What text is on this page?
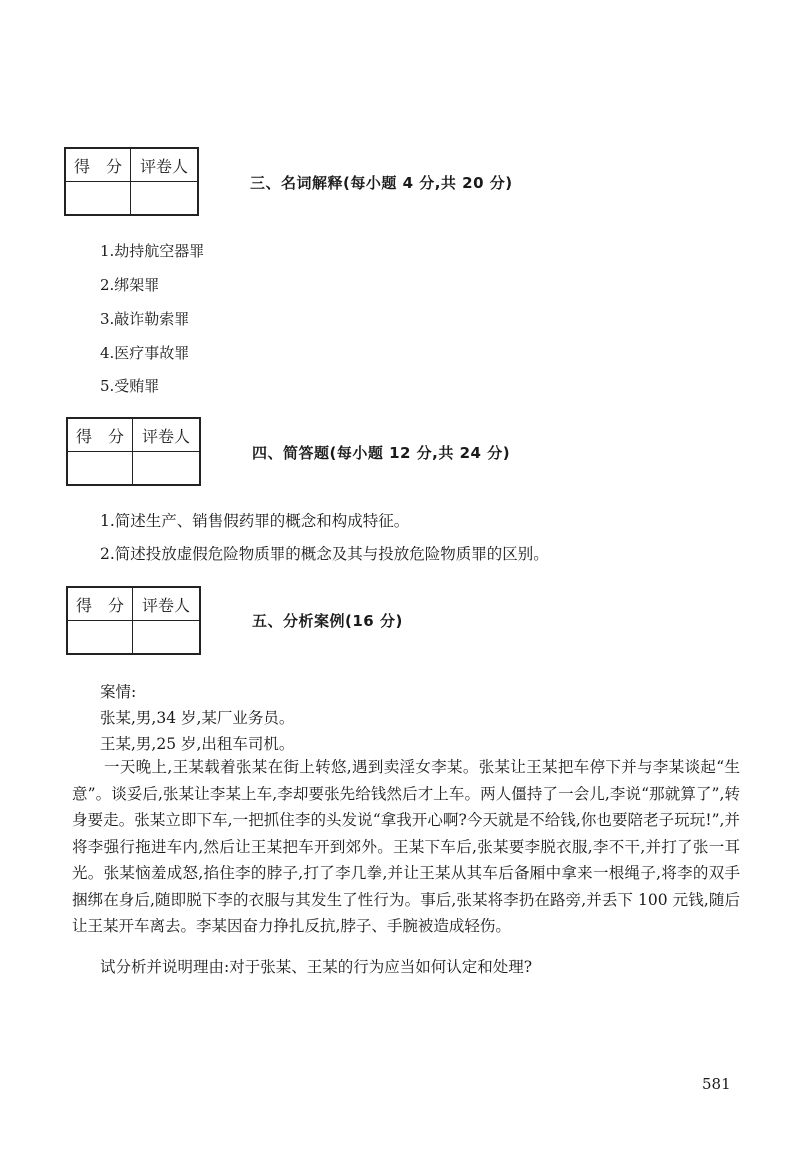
得　分	评卷人

三、名词解释(每小题 4 分,共 20 分)
1.劫持航空器罪
2.绑架罪
3.敲诈勒索罪
4.医疗事故罪
5.受贿罪
得　分	评卷人

四、简答题(每小题 12 分,共 24 分)
1.简述生产、销售假药罪的概念和构成特征。
2.简述投放虚假危险物质罪的概念及其与投放危险物质罪的区别。
得　分	评卷人

五、分析案例(16 分)
案情:
张某,男,34 岁,某厂业务员。
王某,男,25 岁,出租车司机。
一天晚上,王某载着张某在街上转悠,遇到卖淫女李某。张某让王某把车停下并与李某谈起“生意”。谈妥后,张某让李某上车,李却要张先给钱然后才上车。两人僵持了一会儿,李说“那就算了”,转身要走。张某立即下车,一把抓住李的头发说“拿我开心啊?今天就是不给钱,你也要陪老子玩玩!”,并将李强行拖进车内,然后让王某把车开到郊外。王某下车后,张某要李脱衣服,李不干,并打了张一耳光。张某恼羞成怒,掐住李的脖子,打了李几拳,并让王某从其车后备厢中拿来一根绳子,将李的双手捆绑在身后,随即脱下李的衣服与其发生了性行为。事后,张某将李扔在路旁,并丢下 100 元钱,随后让王某开车离去。李某因奋力挣扎反抗,脖子、手腕被造成轻伤。
试分析并说明理由:对于张某、王某的行为应当如何认定和处理?
581
